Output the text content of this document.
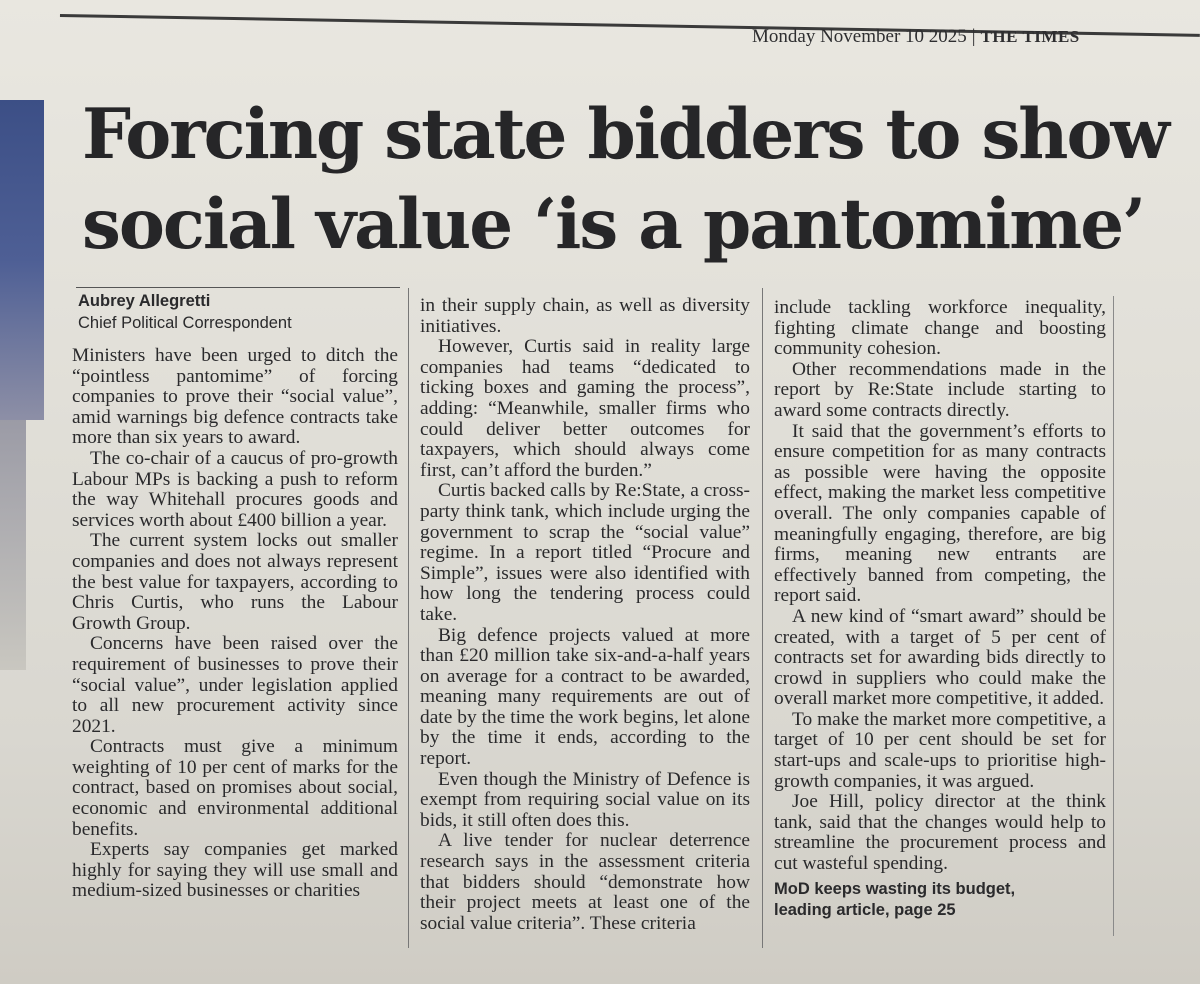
Monday November 10 2025 | THE TIMES
Forcing state bidders to show
social value ‘is a pantomime’
Aubrey Allegretti
Chief Political Correspondent

Ministers have been urged to ditch the “pointless pantomime” of forcing companies to prove their “social value”, amid warnings big defence contracts take more than six years to award.

The co-chair of a caucus of pro-growth Labour MPs is backing a push to reform the way Whitehall procures goods and services worth about £400 billion a year.

The current system locks out smaller companies and does not always represent the best value for taxpayers, according to Chris Curtis, who runs the Labour Growth Group.

Concerns have been raised over the requirement of businesses to prove their “social value”, under legislation applied to all new procurement activity since 2021.

Contracts must give a minimum weighting of 10 per cent of marks for the contract, based on promises about social, economic and environmental additional benefits.

Experts say companies get marked highly for saying they will use small and medium-sized businesses or charities

in their supply chain, as well as diversity initiatives.

However, Curtis said in reality large companies had teams “dedicated to ticking boxes and gaming the process”, adding: “Meanwhile, smaller firms who could deliver better outcomes for taxpayers, which should always come first, can’t afford the burden.”

Curtis backed calls by Re:State, a cross-party think tank, which include urging the government to scrap the “social value” regime. In a report titled “Procure and Simple”, issues were also identified with how long the tendering process could take.

Big defence projects valued at more than £20 million take six-and-a-half years on average for a contract to be awarded, meaning many requirements are out of date by the time the work begins, let alone by the time it ends, according to the report.

Even though the Ministry of Defence is exempt from requiring social value on its bids, it still often does this.

A live tender for nuclear deterrence research says in the assessment criteria that bidders should “demonstrate how their project meets at least one of the social value criteria”. These criteria

include tackling workforce inequality, fighting climate change and boosting community cohesion.

Other recommendations made in the report by Re:State include starting to award some contracts directly.

It said that the government’s efforts to ensure competition for as many contracts as possible were having the opposite effect, making the market less competitive overall. The only companies capable of meaningfully engaging, therefore, are big firms, meaning new entrants are effectively banned from competing, the report said.

A new kind of “smart award” should be created, with a target of 5 per cent of contracts set for awarding bids directly to crowd in suppliers who could make the overall market more competitive, it added.

To make the market more competitive, a target of 10 per cent should be set for start-ups and scale-ups to prioritise high-growth companies, it was argued.

Joe Hill, policy director at the think tank, said that the changes would help to streamline the procurement process and cut wasteful spending.

MoD keeps wasting its budget,
leading article, page 25
